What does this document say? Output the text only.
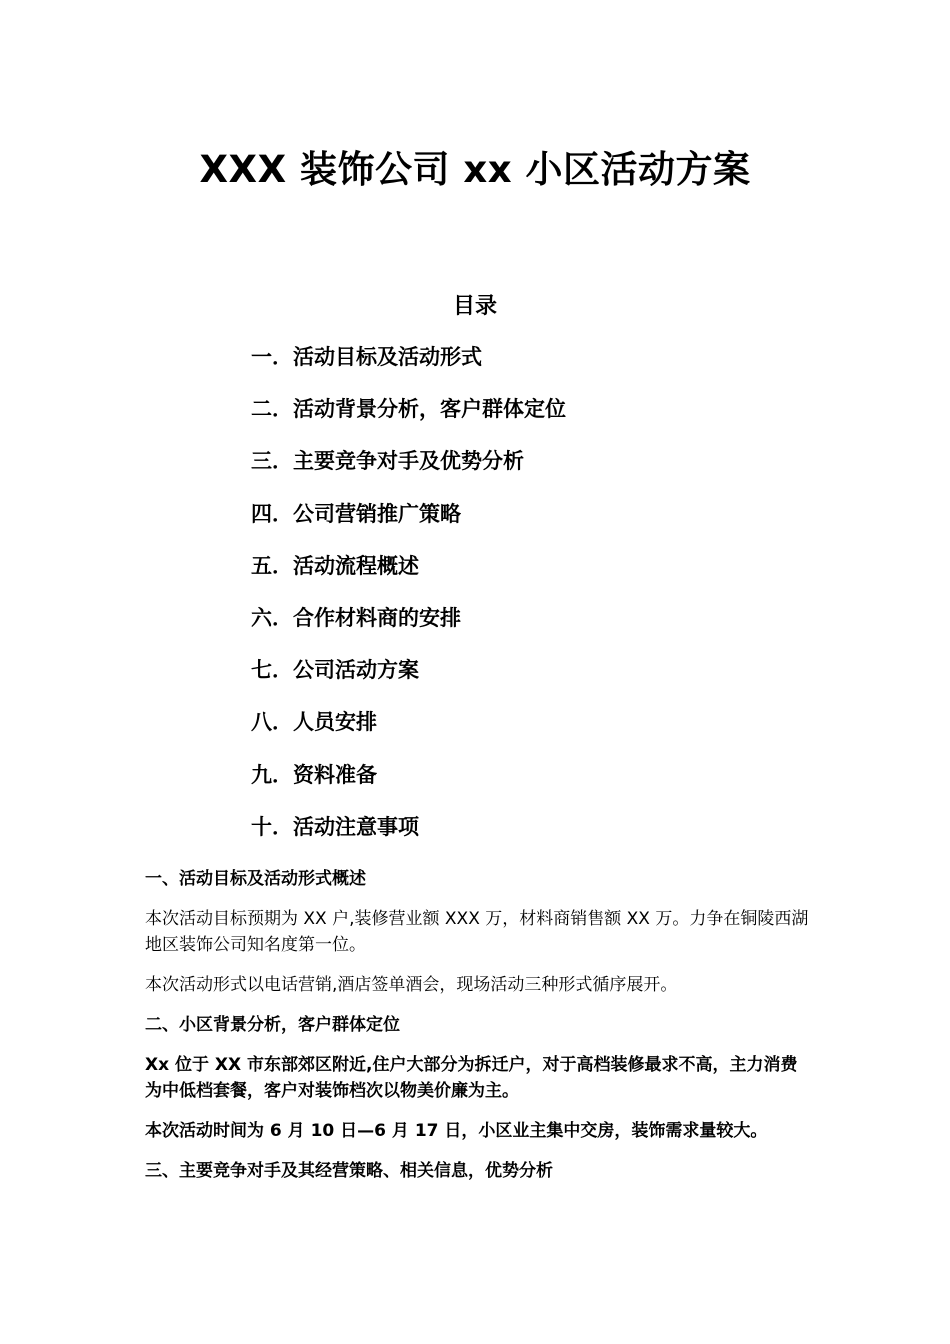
XXX 装饰公司 xx 小区活动方案
目录
一．活动目标及活动形式
二．活动背景分析，客户群体定位
三．主要竞争对手及优势分析
四．公司营销推广策略
五．活动流程概述
六．合作材料商的安排
七．公司活动方案
八．人员安排
九．资料准备
十．活动注意事项

一、活动目标及活动形式概述

本次活动目标预期为 XX 户,装修营业额 XXX 万，材料商销售额 XX 万。力争在铜陵西湖地区装饰公司知名度第一位。

本次活动形式以电话营销,酒店签单酒会，现场活动三种形式循序展开。

二、小区背景分析，客户群体定位

Xx 位于 XX 市东部郊区附近,住户大部分为拆迁户，对于高档装修最求不高，主力消费为中低档套餐，客户对装饰档次以物美价廉为主。

本次活动时间为 6 月 10 日—6 月 17 日，小区业主集中交房，装饰需求量较大。

三、主要竞争对手及其经营策略、相关信息，优势分析
